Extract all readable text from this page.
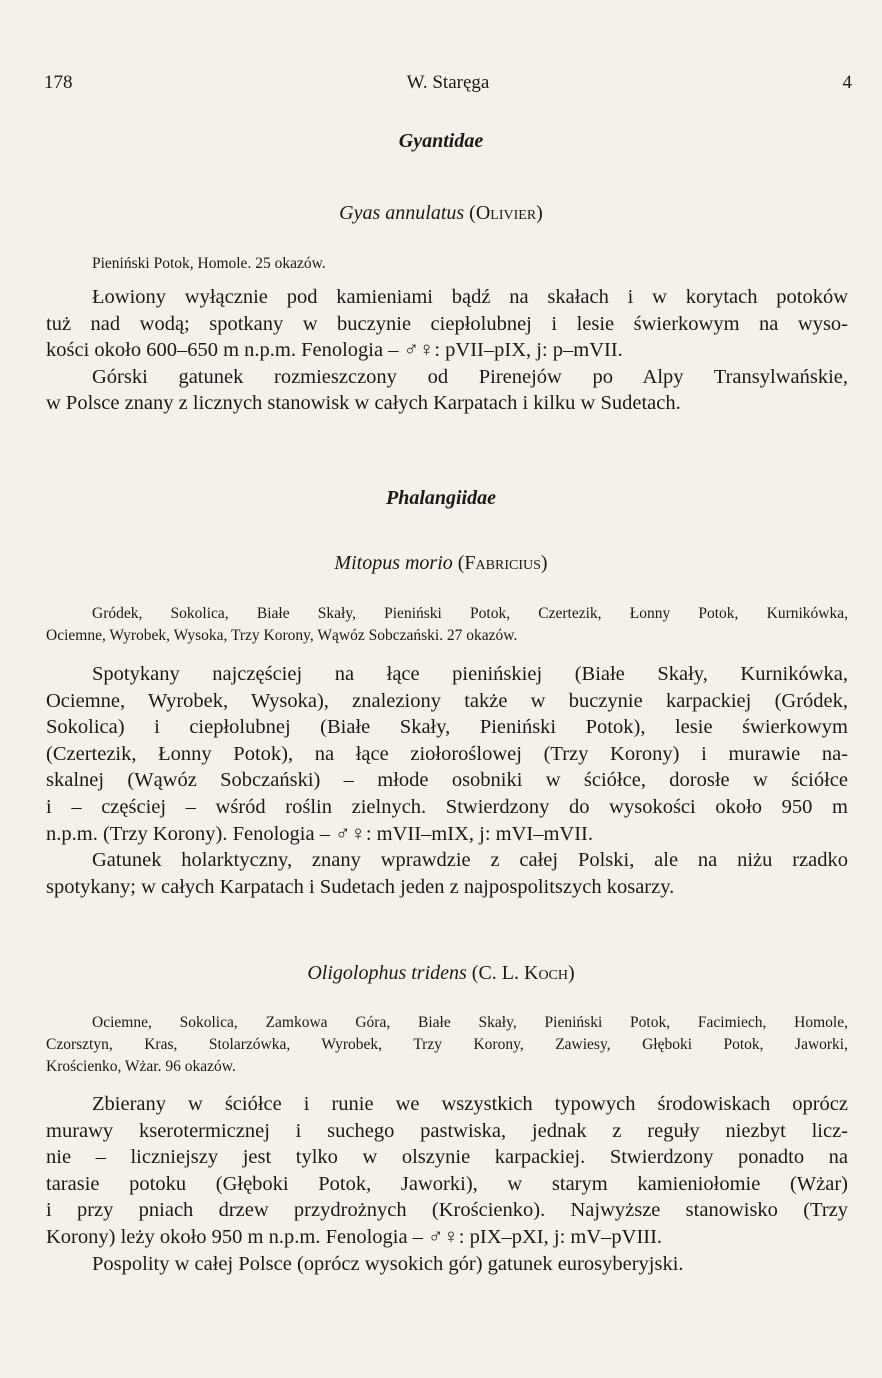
178	W. Staręga	4
Gyantidae
Gyas annulatus (Olivier)
Pieniński Potok, Homole. 25 okazów.
Łowiony wyłącznie pod kamieniami bądź na skałach i w korytach potoków
tuż nad wodą; spotkany w buczynie ciepłolubnej i lesie świerkowym na wyso-
kości około 600–650 m n.p.m. Fenologia – ♂♀: pVII–pIX, j: p–mVII.
Górski gatunek rozmieszczony od Pirenejów po Alpy Transylwańskie,
w Polsce znany z licznych stanowisk w całych Karpatach i kilku w Sudetach.
Phalangiidae
Mitopus morio (Fabricius)
Gródek, Sokolica, Białe Skały, Pieniński Potok, Czertezik, Łonny Potok, Kurnikówka,
Ociemne, Wyrobek, Wysoka, Trzy Korony, Wąwóz Sobczański. 27 okazów.
Spotykany najczęściej na łące pienińskiej (Białe Skały, Kurnikówka,
Ociemne, Wyrobek, Wysoka), znaleziony także w buczynie karpackiej (Gródek,
Sokolica) i ciepłolubnej (Białe Skały, Pieniński Potok), lesie świerkowym
(Czertezik, Łonny Potok), na łące ziołoroślowej (Trzy Korony) i murawie na-
skalnej (Wąwóz Sobczański) – młode osobniki w ściółce, dorosłe w ściółce
i – częściej – wśród roślin zielnych. Stwierdzony do wysokości około 950 m
n.p.m. (Trzy Korony). Fenologia – ♂♀: mVII–mIX, j: mVI–mVII.
Gatunek holarktyczny, znany wprawdzie z całej Polski, ale na niżu rzadko
spotykany; w całych Karpatach i Sudetach jeden z najpospolitszych kosarzy.
Oligolophus tridens (C. L. Koch)
Ociemne, Sokolica, Zamkowa Góra, Białe Skały, Pieniński Potok, Facimiech, Homole,
Czorsztyn, Kras, Stolarzówka, Wyrobek, Trzy Korony, Zawiesy, Głęboki Potok, Jaworki,
Krościenko, Wżar. 96 okazów.
Zbierany w ściółce i runie we wszystkich typowych środowiskach oprócz
murawy kserotermicznej i suchego pastwiska, jednak z reguły niezbyt licz-
nie – liczniejszy jest tylko w olszynie karpackiej. Stwierdzony ponadto na
tarasie potoku (Głęboki Potok, Jaworki), w starym kamieniołomie (Wżar)
i przy pniach drzew przydrożnych (Krościenko). Najwyższe stanowisko (Trzy
Korony) leży około 950 m n.p.m. Fenologia – ♂♀: pIX–pXI, j: mV–pVIII.
Pospolity w całej Polsce (oprócz wysokich gór) gatunek eurosyberyjski.
